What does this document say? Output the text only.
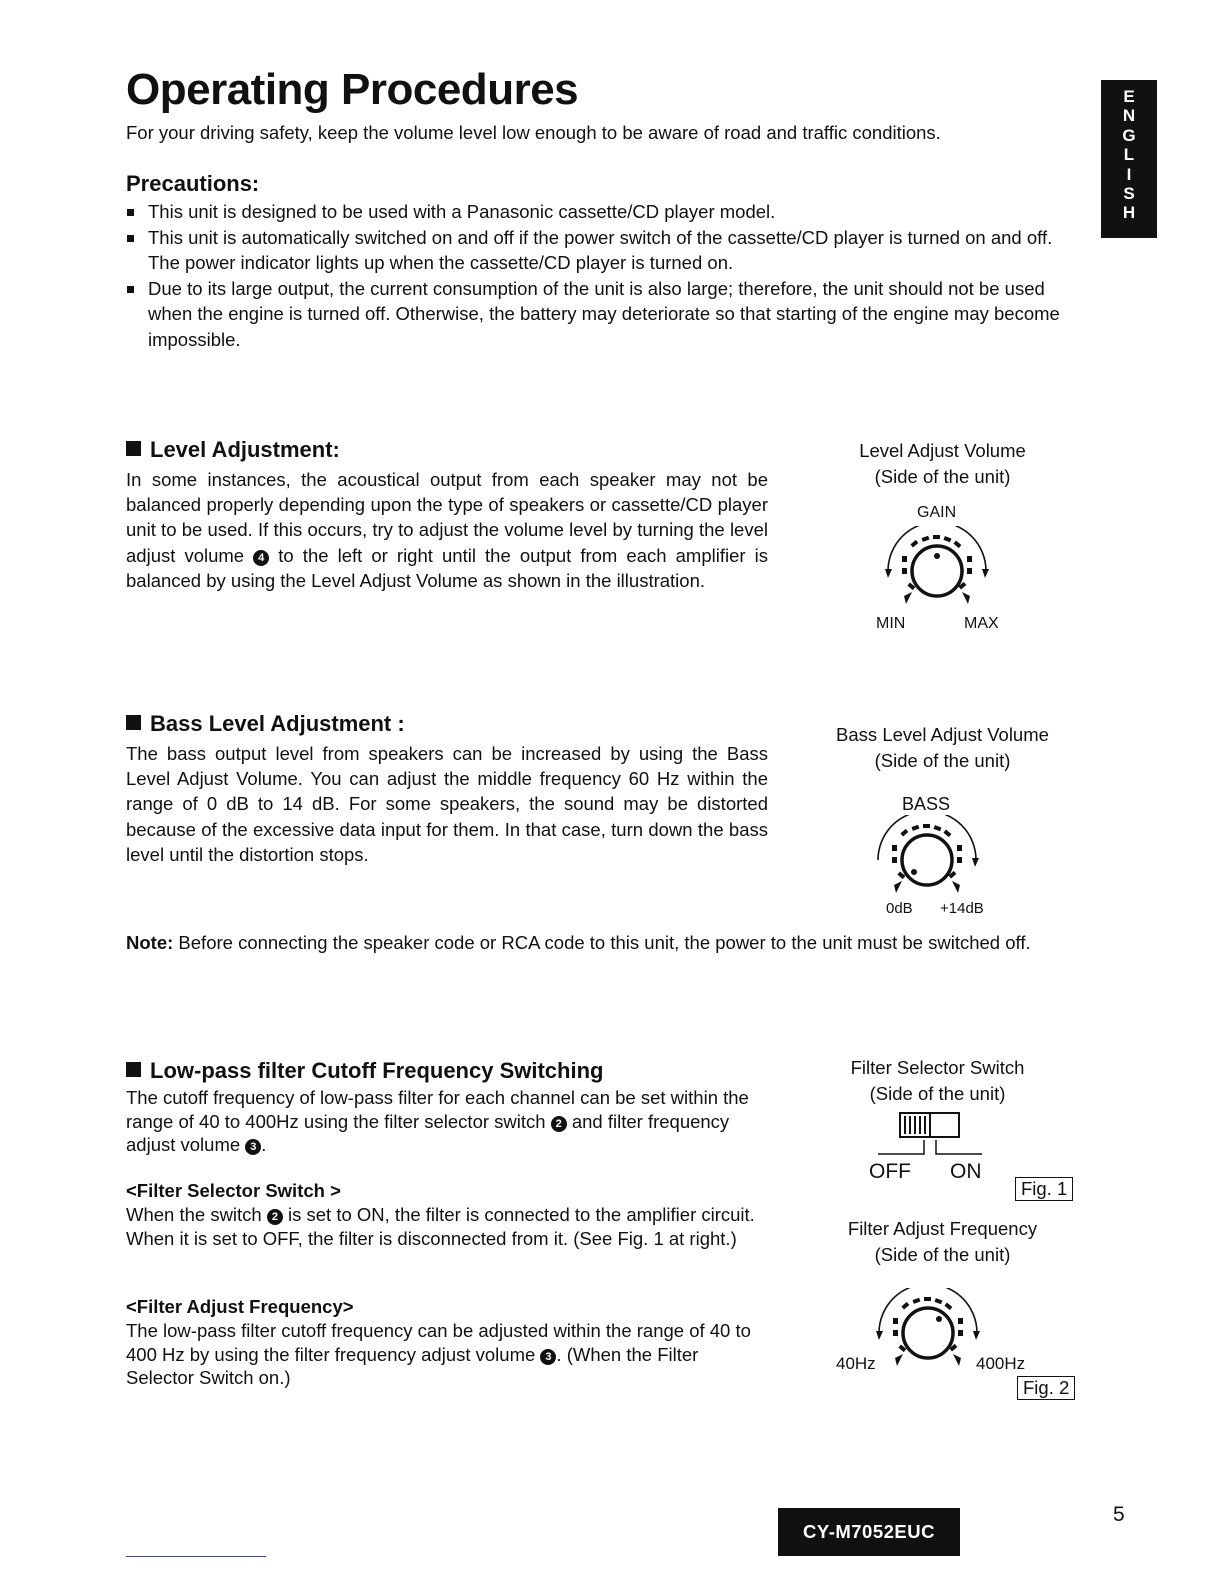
Operating Procedures
For your driving safety, keep the volume level low enough to be aware of road and traffic conditions.
E
N
G
L
I
S
H
Precautions:
This unit is designed to be used with a Panasonic cassette/CD player model.
This unit is automatically switched on and off if the power switch of the cassette/CD player is turned on and off. The power indicator lights up when the cassette/CD player is turned on.
Due to its large output, the current consumption of the unit is also large; therefore, the unit should not be used when the engine is turned off. Otherwise, the battery may deteriorate so that starting of the engine may become impossible.
Level Adjustment:
In some instances, the acoustical output from each speaker may not be balanced properly depending upon the type of speakers or cassette/CD player unit to be used. If this occurs, try to adjust the volume level by turning the level adjust volume 4 to the left or right until the output from each amplifier is balanced by using the Level Adjust Volume as shown in the illustration.
Level Adjust Volume
(Side of the unit)
GAIN
MIN	MAX
Bass Level Adjustment :
The bass output level from speakers can be increased by using the Bass Level Adjust Volume. You can adjust the middle frequency 60 Hz within the range of 0 dB to 14 dB. For some speakers, the sound may be distorted because of the excessive data input for them. In that case, turn down the bass level until the distortion stops.
Bass Level Adjust Volume
(Side of the unit)
BASS
0dB +14dB
Note: Before connecting the speaker code or RCA code to this unit, the power to the unit must be switched off.
Low-pass filter Cutoff Frequency Switching
The cutoff frequency of low-pass filter for each channel can be set within the range of 40 to 400Hz using the filter selector switch 2 and filter frequency adjust volume 3 .
<Filter Selector Switch >
When the switch 2 is set to ON, the filter is connected to the amplifier circuit. When it is set to OFF, the filter is disconnected from it. (See Fig. 1 at right.)
<Filter Adjust Frequency>
The low-pass filter cutoff frequency can be adjusted within the range of 40 to 400 Hz by using the filter frequency adjust volume 3 . (When the Filter Selector Switch on.)
Filter Selector Switch
(Side of the unit)
OFF ON
Fig. 1
Filter Adjust Frequency
(Side of the unit)
40Hz	400Hz
Fig. 2
CY-M7052EUC
5
